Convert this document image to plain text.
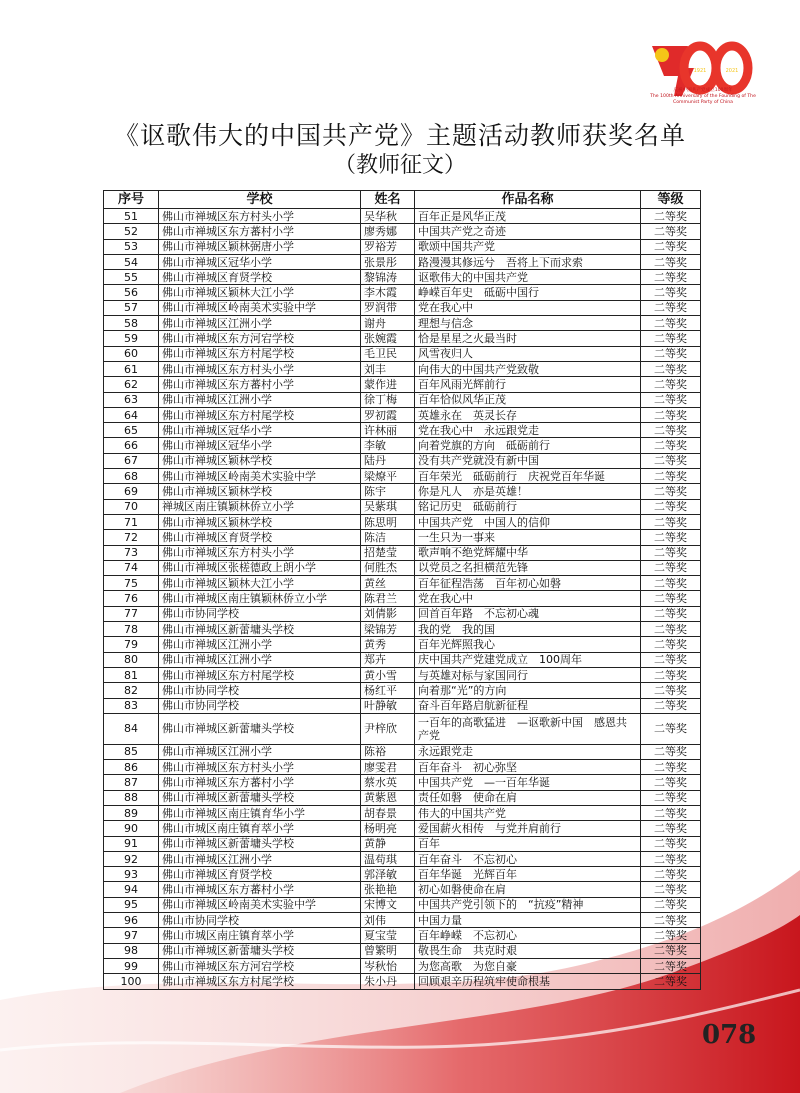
1921	2021
庆祝中国共产党成立100周年
The 100th Anniversary of the Founding of The Communist Party of China
《讴歌伟大的中国共产党》主题活动教师获奖名单
（教师征文）
序号	学校	姓名	作品名称	等级
51	佛山市禅城区东方村头小学	吴华秋	百年正是风华正茂	二等奖
52	佛山市禅城区东方蕃村小学	廖秀娜	中国共产党之奇迹	二等奖
53	佛山市禅城区颖林弼唐小学	罗裕芳	歌颂中国共产党	二等奖
54	佛山市禅城区冠华小学	张景彤	路漫漫其修远兮　吾将上下而求索	二等奖
55	佛山市禅城区育贤学校	黎锦涛	讴歌伟大的中国共产党	二等奖
56	佛山市禅城区颖林大江小学	李木霞	峥嵘百年史　砥砺中国行	二等奖
57	佛山市禅城区岭南美术实验中学	罗润带	党在我心中	二等奖
58	佛山市禅城区江洲小学	谢舟	理想与信念	二等奖
59	佛山市禅城区东方河宕学校	张婉霞	恰是星星之火最当时	二等奖
60	佛山市禅城区东方村尾学校	毛卫民	风雪夜归人	二等奖
61	佛山市禅城区东方村头小学	刘丰	向伟大的中国共产党致敬	二等奖
62	佛山市禅城区东方蕃村小学	蒙作进	百年风雨光辉前行	二等奖
63	佛山市禅城区江洲小学	徐丁梅	百年恰似风华正茂	二等奖
64	佛山市禅城区东方村尾学校	罗初霞	英雄永在　英灵长存	二等奖
65	佛山市禅城区冠华小学	许林丽	党在我心中　永远跟党走	二等奖
66	佛山市禅城区冠华小学	李敏	向着党旗的方向　砥砺前行	二等奖
67	佛山市禅城区颖林学校	陆丹	没有共产党就没有新中国	二等奖
68	佛山市禅城区岭南美术实验中学	梁燎平	百年荣光　砥砺前行　庆祝党百年华诞	二等奖
69	佛山市禅城区颖林学校	陈宇	你是凡人　亦是英雄！	二等奖
70	禅城区南庄镇颖林侨立小学	吴紫琪	铭记历史　砥砺前行	二等奖
71	佛山市禅城区颖林学校	陈思明	中国共产党　中国人的信仰	二等奖
72	佛山市禅城区育贤学校	陈洁	一生只为一事来	二等奖
73	佛山市禅城区东方村头小学	招楚莹	歌声响不绝党辉耀中华	二等奖
74	佛山市禅城区张槎德政上朗小学	何胜杰	以党员之名担横范先锋	二等奖
75	佛山市禅城区颖林大江小学	黄丝	百年征程浩荡　百年初心如磐	二等奖
76	佛山市禅城区南庄镇颖林侨立小学	陈君兰	党在我心中	二等奖
77	佛山市协同学校	刘倩影	回首百年路　不忘初心魂	二等奖
78	佛山市禅城区新蕾墉头学校	梁锦芳	我的党　我的国	二等奖
79	佛山市禅城区江洲小学	黄秀	百年光辉照我心	二等奖
80	佛山市禅城区江洲小学	郑卉	庆中国共产党建党成立　100周年	二等奖
81	佛山市禅城区东方村尾学校	黄小雪	与英雄对标与家国同行	二等奖
82	佛山市协同学校	杨红平	向着那“光”的方向	二等奖
83	佛山市协同学校	叶静敏	奋斗百年路启航新征程	二等奖
84	佛山市禅城区新蕾墉头学校	尹梓欣	一百年的高歌猛进　—讴歌新中国　感恩共产党	二等奖
85	佛山市禅城区江洲小学	陈裕	永远跟党走	二等奖
86	佛山市禅城区东方村头小学	廖雯君	百年奋斗　初心弥坚	二等奖
87	佛山市禅城区东方蕃村小学	蔡水英	中国共产党　—一百年华诞	二等奖
88	佛山市禅城区新蕾墉头学校	黄紫恩	责任如磐　使命在肩	二等奖
89	佛山市禅城区南庄镇育华小学	胡春景	伟大的中国共产党	二等奖
90	佛山市城区南庄镇育萃小学	杨明亮	爱国薪火相传　与党并肩前行	二等奖
91	佛山市禅城区新蕾墉头学校	黄静	百年	二等奖
92	佛山市禅城区江洲小学	温苟琪	百年奋斗　不忘初心	二等奖
93	佛山市禅城区育贤学校	郭泽敏	百年华诞　光辉百年	二等奖
94	佛山市禅城区东方蕃村小学	张艳艳	初心如磐使命在肩	二等奖
95	佛山市禅城区岭南美术实验中学	宋博文	中国共产党引领下的　“抗疫”精神	二等奖
96	佛山市协同学校	刘伟	中国力量	二等奖
97	佛山市城区南庄镇育萃小学	夏宝莹	百年峥嵘　不忘初心	二等奖
98	佛山市禅城区新蕾墉头学校	曾繁明	敬畏生命　共克时艰	二等奖
99	佛山市禅城区东方河宕学校	岑秋怡	为您高歌　为您自豪	二等奖
100	佛山市禅城区东方村尾学校	朱小丹	回顾艰辛历程筑牢使命根基	二等奖
078
